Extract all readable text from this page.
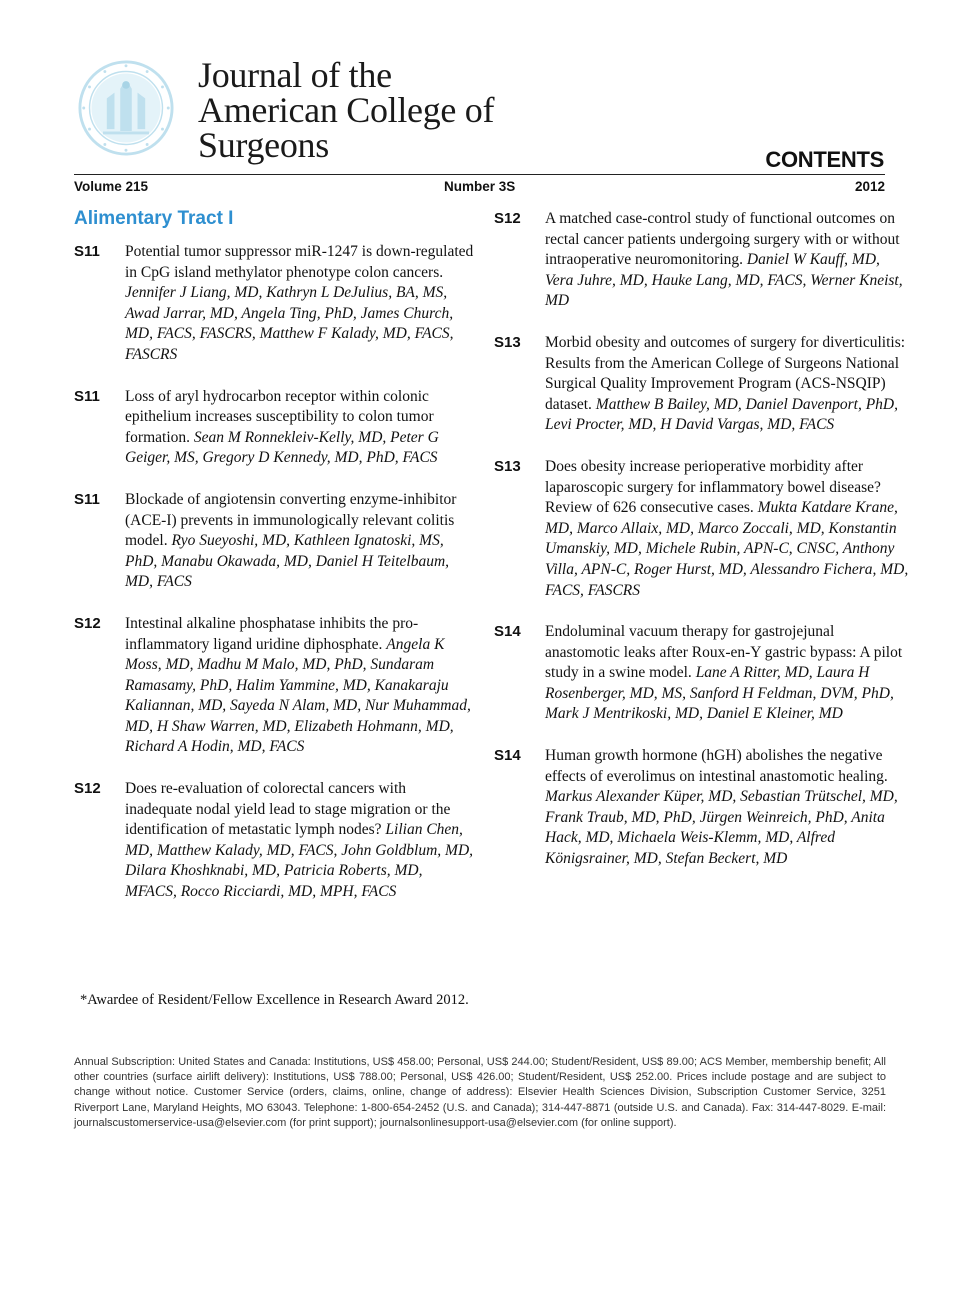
Journal of the American College of Surgeons	CONTENTS
Volume 215	Number 3S	2012
Alimentary Tract I
S11 Potential tumor suppressor miR-1247 is down-regulated in CpG island methylator phenotype colon cancers.Jennifer J Liang, MD, Kathryn L DeJulius, BA, MS, Awad Jarrar, MD, Angela Ting, PhD, James Church, MD, FACS, FASCRS, Matthew F Kalady, MD, FACS, FASCRS
S11 Loss of aryl hydrocarbon receptor within colonic epithelium increases susceptibility to colon tumor formation. Sean M Ronnekleiv-Kelly, MD, Peter G Geiger, MS, Gregory D Kennedy, MD, PhD, FACS
S11 Blockade of angiotensin converting enzyme-inhibitor (ACE-I) prevents in immunologically relevant colitis model. Ryo Sueyoshi, MD, Kathleen Ignatoski, MS, PhD, Manabu Okawada, MD, Daniel H Teitelbaum, MD, FACS
S12 Intestinal alkaline phosphatase inhibits the pro-inflammatory ligand uridine diphosphate. Angela K Moss, MD, Madhu M Malo, MD, PhD, Sundaram Ramasamy, PhD, Halim Yammine, MD, Kanakaraju Kaliannan, MD, Sayeda N Alam, MD, Nur Muhammad, MD, H Shaw Warren, MD, Elizabeth Hohmann, MD, Richard A Hodin, MD, FACS
S12 Does re-evaluation of colorectal cancers with inadequate nodal yield lead to stage migration or the identification of metastatic lymph nodes? Lilian Chen, MD, Matthew Kalady, MD, FACS, John Goldblum, MD, Dilara Khoshknabi, MD, Patricia Roberts, MD, MFACS, Rocco Ricciardi, MD, MPH, FACS
S12 A matched case-control study of functional outcomes on rectal cancer patients undergoing surgery with or without intraoperative neuromonitoring. Daniel W Kauff, MD, Vera Juhre, MD, Hauke Lang, MD, FACS, Werner Kneist, MD
S13 Morbid obesity and outcomes of surgery for diverticulitis: Results from the American College of Surgeons National Surgical Quality Improvement Program (ACS-NSQIP) dataset. Matthew B Bailey, MD, Daniel Davenport, PhD, Levi Procter, MD, H David Vargas, MD, FACS
S13 Does obesity increase perioperative morbidity after laparoscopic surgery for inflammatory bowel disease? Review of 626 consecutive cases. Mukta Katdare Krane, MD, Marco Allaix, MD, Marco Zoccali, MD, Konstantin Umanskiy, MD, Michele Rubin, APN-C, CNSC, Anthony Villa, APN-C, Roger Hurst, MD, Alessandro Fichera, MD, FACS, FASCRS
S14 Endoluminal vacuum therapy for gastrojejunal anastomotic leaks after Roux-en-Y gastric bypass: A pilot study in a swine model. Lane A Ritter, MD, Laura H Rosenberger, MD, MS, Sanford H Feldman, DVM, PhD, Mark J Mentrikoski, MD, Daniel E Kleiner, MD
S14 Human growth hormone (hGH) abolishes the negative effects of everolimus on intestinal anastomotic healing.Markus Alexander Küper, MD, Sebastian Trütschel, MD, Frank Traub, MD, PhD, Jürgen Weinreich, PhD, Anita Hack, MD, Michaela Weis-Klemm, MD, Alfred Königsrainer, MD, Stefan Beckert, MD
*Awardee of Resident/Fellow Excellence in Research Award 2012.
Annual Subscription: United States and Canada: Institutions, US$ 458.00; Personal, US$ 244.00; Student/Resident, US$ 89.00; ACS Member, membership benefit; All other countries (surface airlift delivery): Institutions, US$ 788.00; Personal, US$ 426.00; Student/Resident, US$ 252.00. Prices include postage and are subject to change without notice. Customer Service (orders, claims, online, change of address): Elsevier Health Sciences Division, Subscription Customer Service, 3251 Riverport Lane, Maryland Heights, MO 63043. Telephone: 1-800-654-2452 (U.S. and Canada); 314-447-8871 (outside U.S. and Canada). Fax: 314-447-8029. E-mail: journalscustomerservice-usa@elsevier.com (for print support); journalsonlinesupport-usa@elsevier.com (for online support).
